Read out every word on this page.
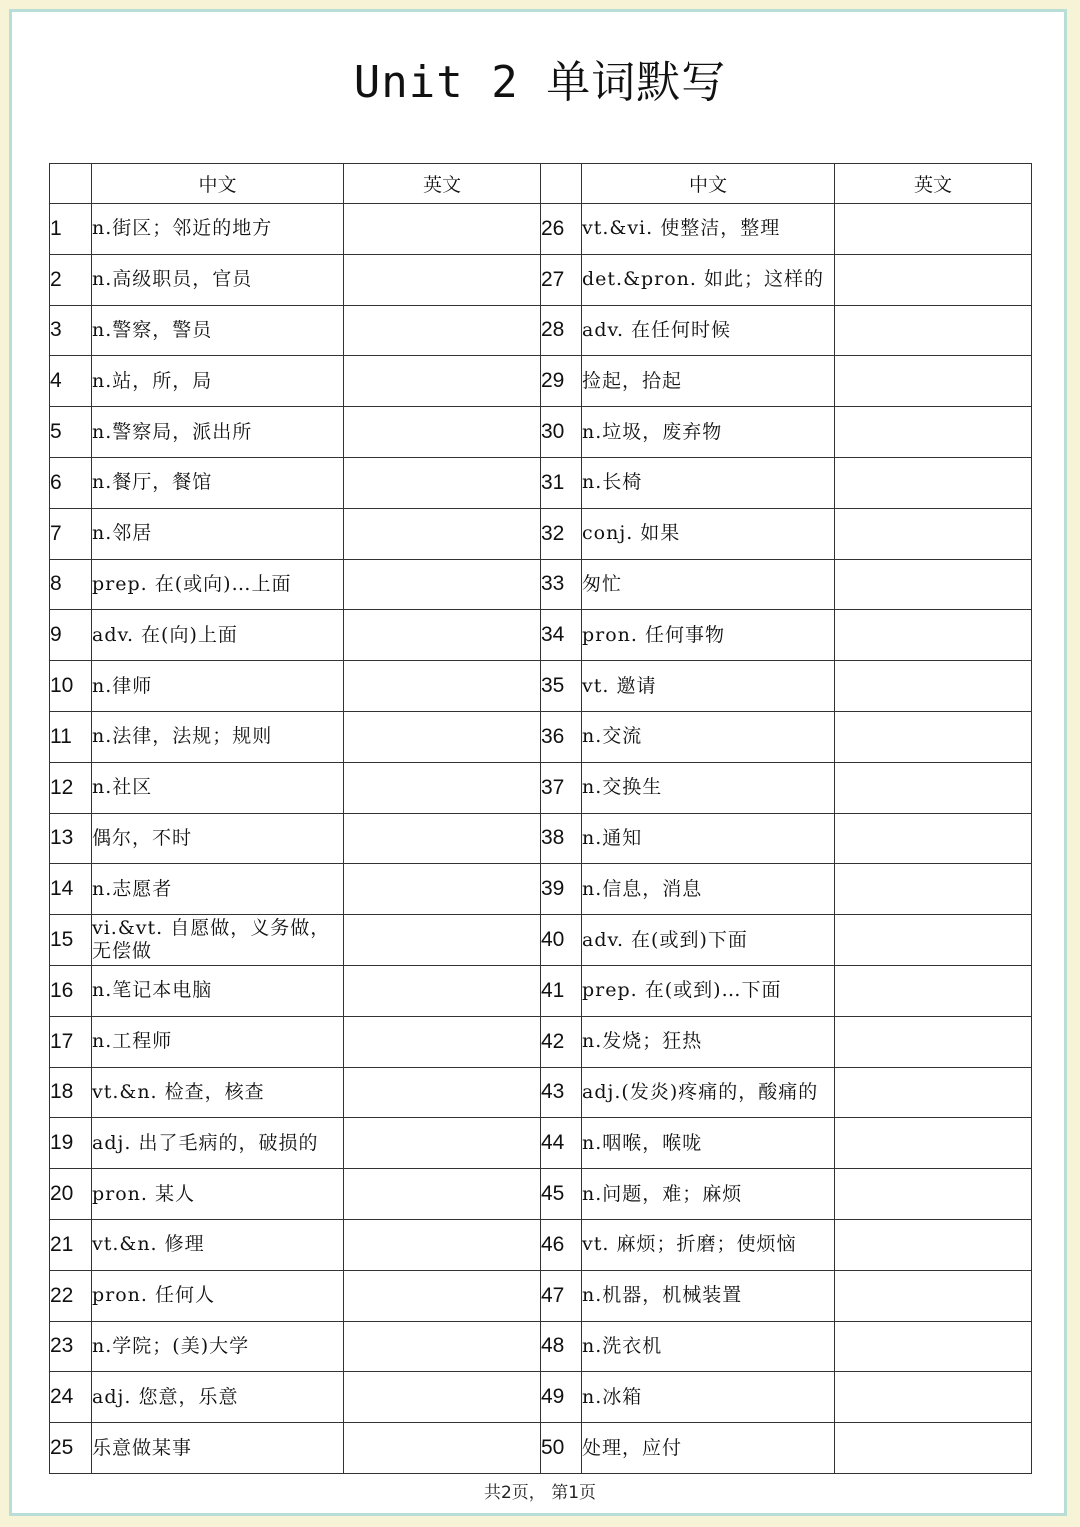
Unit 2 单词默写
	中文	英文		中文	英文
1	n.街区；邻近的地方		26	vt.&vi. 使整洁，整理	
2	n.高级职员，官员		27	det.&pron. 如此；这样的	
3	n.警察，警员		28	adv. 在任何时候	
4	n.站，所，局		29	捡起，拾起	
5	n.警察局，派出所		30	n.垃圾，废弃物	
6	n.餐厅，餐馆		31	n.长椅	
7	n.邻居		32	conj. 如果	
8	prep. 在(或向)…上面		33	匆忙	
9	adv. 在(向)上面		34	pron. 任何事物	
10	n.律师		35	vt. 邀请	
11	n.法律，法规；规则		36	n.交流	
12	n.社区		37	n.交换生	
13	偶尔，不时		38	n.通知	
14	n.志愿者		39	n.信息，消息	
15	vi.&vt. 自愿做，义务做，无偿做		40	adv. 在(或到)下面	
16	n.笔记本电脑		41	prep. 在(或到)…下面	
17	n.工程师		42	n.发烧；狂热	
18	vt.&n. 检查，核查		43	adj.(发炎)疼痛的，酸痛的	
19	adj. 出了毛病的，破损的		44	n.咽喉，喉咙	
20	pron. 某人		45	n.问题，难；麻烦	
21	vt.&n. 修理		46	vt. 麻烦；折磨；使烦恼	
22	pron. 任何人		47	n.机器，机械装置	
23	n.学院；(美)大学		48	n.洗衣机	
24	adj. 您意，乐意		49	n.冰箱	
25	乐意做某事		50	处理，应付	
共2页， 第1页
